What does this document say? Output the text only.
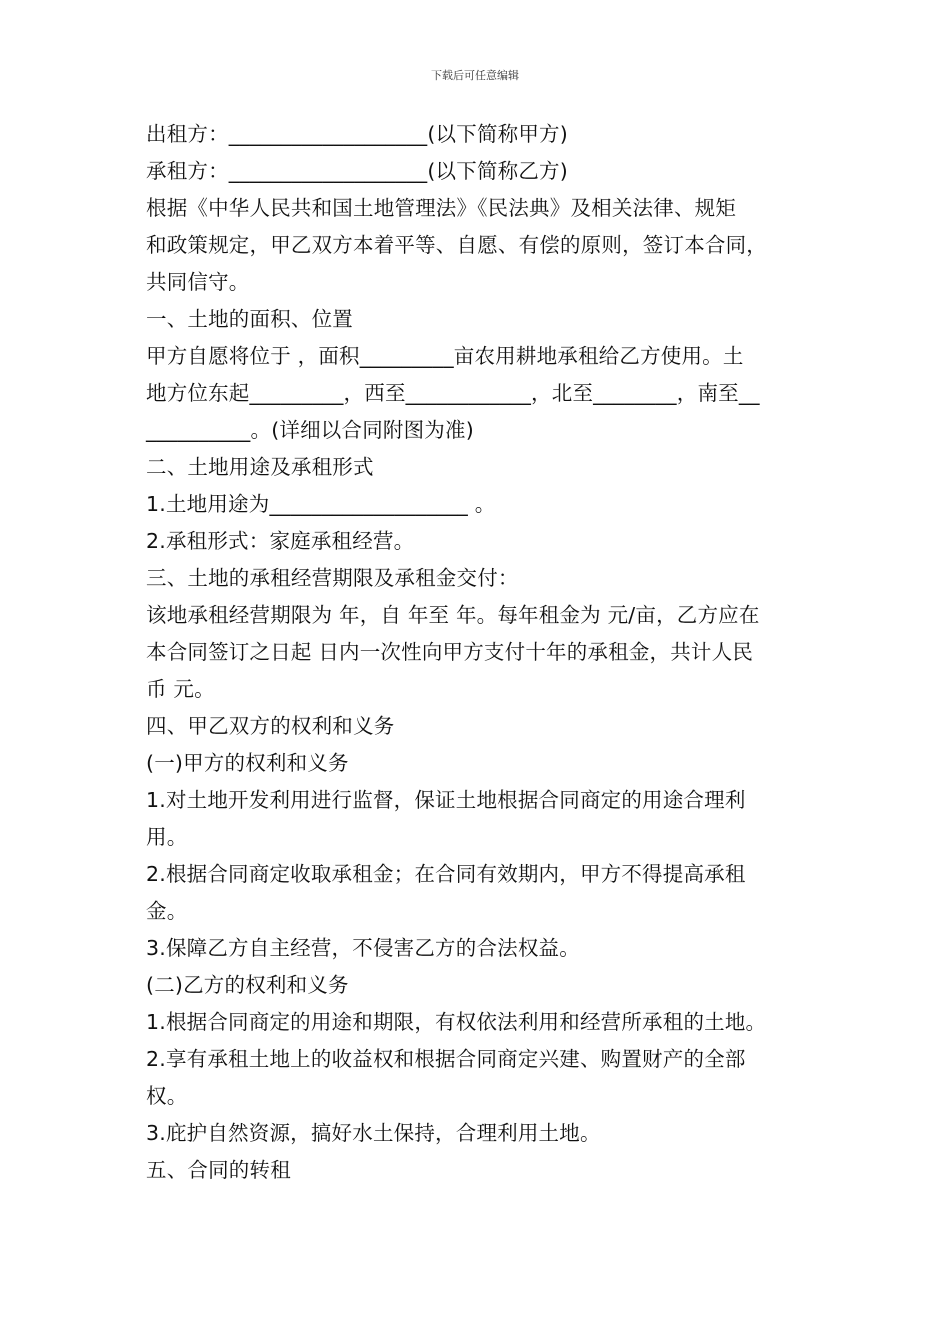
下载后可任意编辑
出租方：___________________(以下简称甲方)
承租方：___________________(以下简称乙方)
根据《中华人民共和国土地管理法》《民法典》及相关法律、规矩
和政策规定，甲乙双方本着平等、自愿、有偿的原则，签订本合同，
共同信守。
一、土地的面积、位置
甲方自愿将位于 ，面积_________亩农用耕地承租给乙方使用。土
地方位东起_________，西至____________，北至________，南至__
__________。(详细以合同附图为准)
二、土地用途及承租形式
1.土地用途为___________________ 。
2.承租形式：家庭承租经营。
三、土地的承租经营期限及承租金交付：
该地承租经营期限为 年，自 年至 年。每年租金为 元/亩，乙方应在
本合同签订之日起 日内一次性向甲方支付十年的承租金，共计人民
币 元。
四、甲乙双方的权利和义务
(一)甲方的权利和义务
1.对土地开发利用进行监督，保证土地根据合同商定的用途合理利
用。
2.根据合同商定收取承租金；在合同有效期内，甲方不得提高承租
金。
3.保障乙方自主经营，不侵害乙方的合法权益。
(二)乙方的权利和义务
1.根据合同商定的用途和期限，有权依法利用和经营所承租的土地。
2.享有承租土地上的收益权和根据合同商定兴建、购置财产的全部
权。
3.庇护自然资源，搞好水土保持，合理利用土地。
五、合同的转租
